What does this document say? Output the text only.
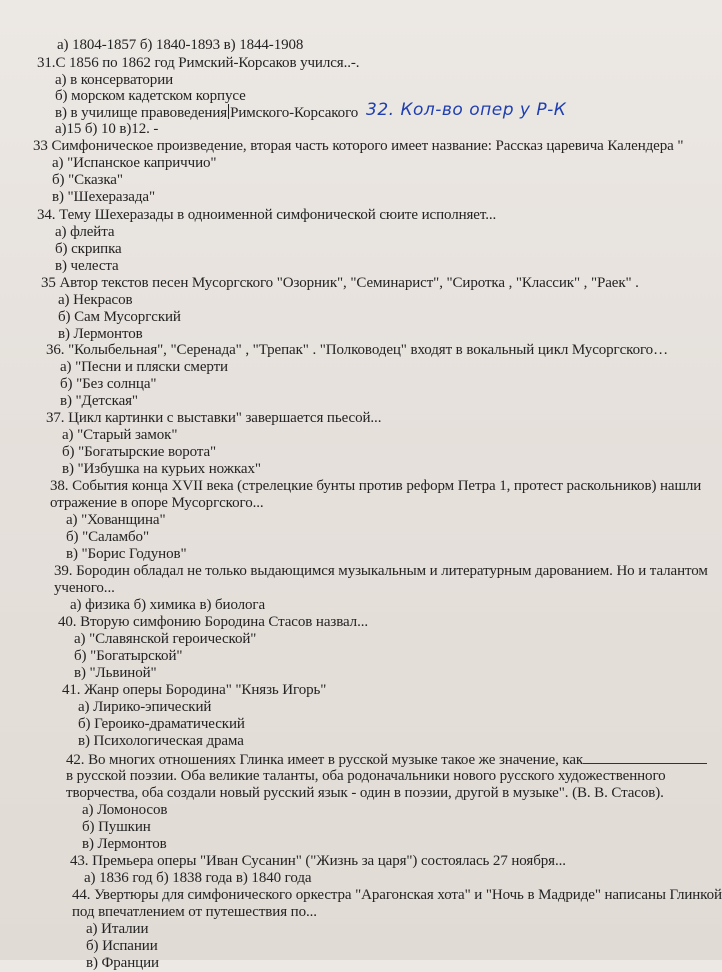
а) 1804-1857 б) 1840-1893 в) 1844-1908
31.С 1856 по 1862 год Римский-Корсаков учился..-.
а) в консерватории
б) морском кадетском корпусе
в) в училище правоведения Римского-Корсакого 32. Кол-во опер у Р-К
а)15 б) 10 в)12. -
33 Симфоническое произведение, вторая часть которого имеет название: Рассказ царевича Календера "
а) "Испанское каприччио"
б) "Сказка"
в) "Шехеразада"
34. Тему Шехеразады в одноименной симфонической сюите исполняет...
а) флейта
б) скрипка
в) челеста
35 Автор текстов песен Мусоргского "Озорник", "Семинарист", "Сиротка , "Классик" , "Раек" .
а) Некрасов
б) Сам Мусоргский
в) Лермонтов
36. "Колыбельная", "Серенада" , "Трепак" . "Полководец" входят в вокальный цикл Мусоргского…
а) "Песни и пляски смерти
б) "Без солнца"
в) "Детская"
37. Цикл картинки с выставки" завершается пьесой...
а) "Старый замок"
б) "Богатырские ворота"
в) "Избушка на курьих ножках"
38. События конца XVII века (стрелецкие бунты против реформ Петра 1, протест раскольников) нашли
отражение в опоре Мусоргского...
а) "Хованщина"
б) "Саламбо"
в) "Борис Годунов"
39. Бородин обладал не только выдающимся музыкальным и литературным дарованием. Но и талантом
ученого...
а) физика б) химика в) биолога
40. Вторую симфонию Бородина Стасов назвал...
а) "Славянской героической"
б) "Богатырской"
в) "Львиной"
41. Жанр оперы Бородина" "Князь Игорь"
а) Лирико-эпический
б) Героико-драматический
в) Психологическая драма
42. Во многих отношениях Глинка имеет в русской музыке такое же значение, как
в русской поэзии. Оба великие таланты, оба родоначальники нового русского художественного
творчества, оба создали новый русский язык - один в поэзии, другой в музыке". (В. В. Стасов).
а) Ломоносов
б) Пушкин
в) Лермонтов
43. Премьера оперы "Иван Сусанин" ("Жизнь за царя") состоялась 27 ноября...
а) 1836 год б) 1838 года в) 1840 года
44. Увертюры для симфонического оркестра "Арагонская хота" и "Ночь в Мадриде" написаны Глинкой
под впечатлением от путешествия по...
а) Италии
б) Испании
в) Франции
